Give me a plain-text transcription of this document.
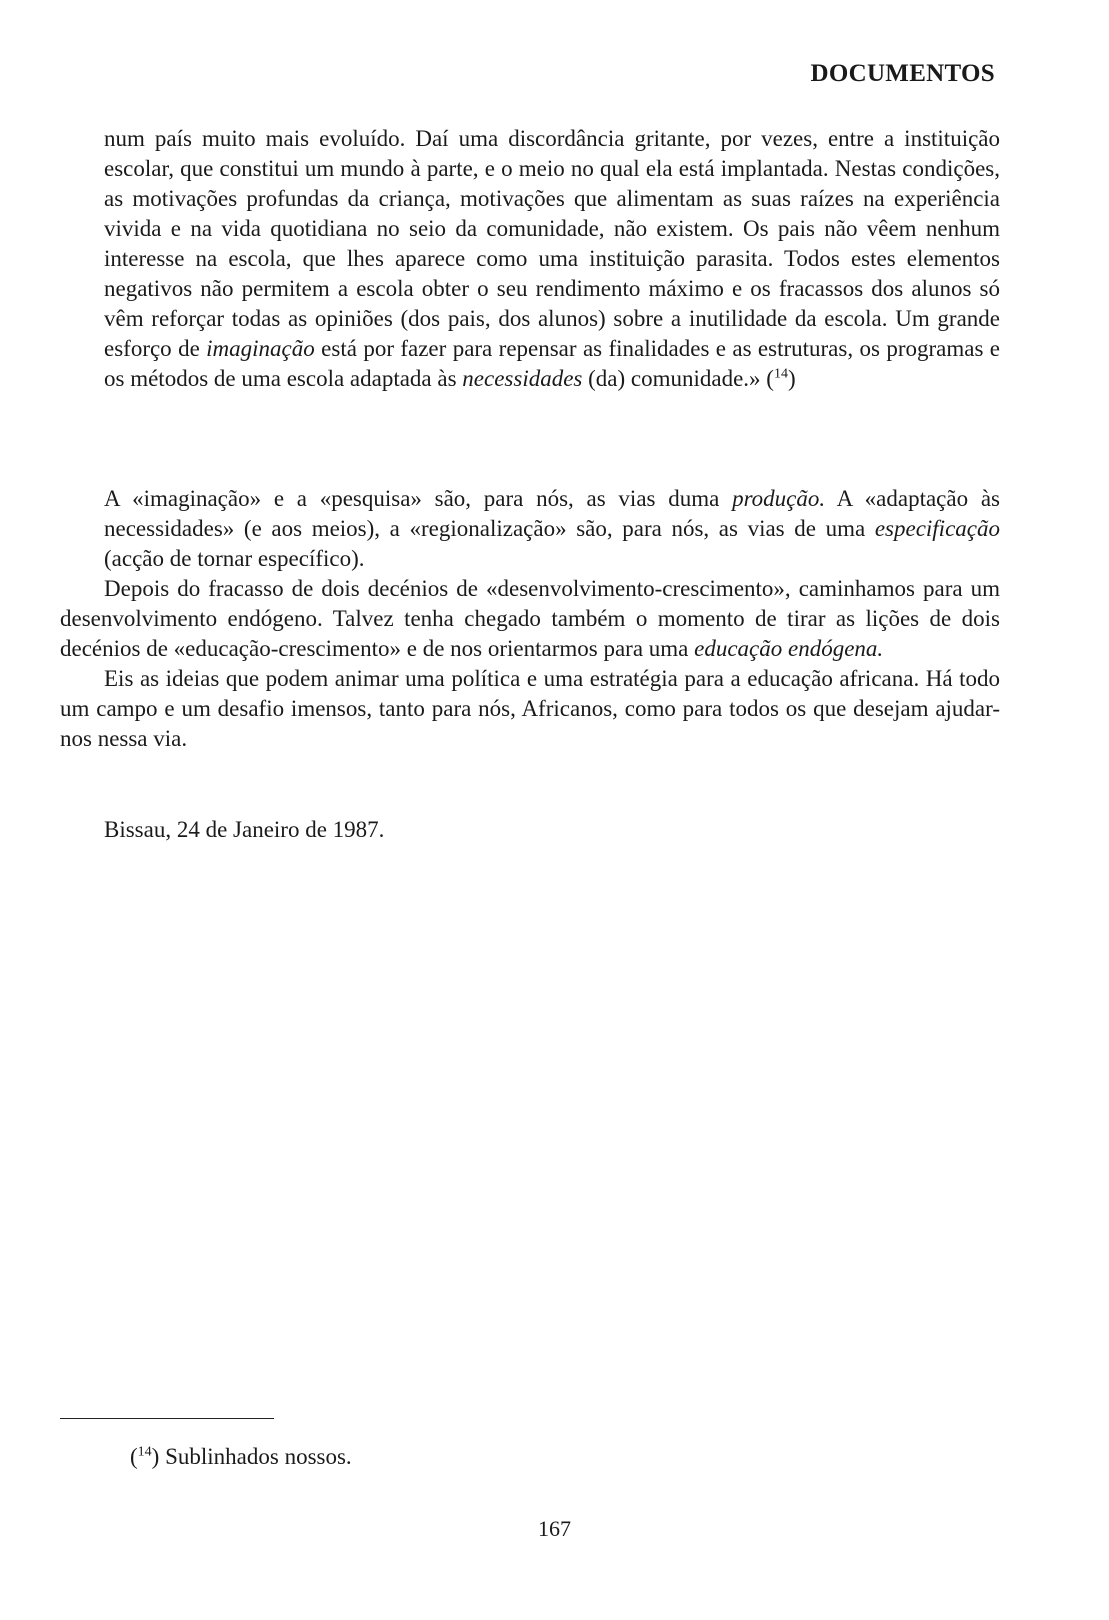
DOCUMENTOS
num país muito mais evoluído. Daí uma discordância gritante, por vezes, entre a instituição escolar, que constitui um mundo à parte, e o meio no qual ela está implantada. Nestas condições, as motivações profundas da criança, motivações que alimentam as suas raízes na experiência vivida e na vida quotidiana no seio da comunidade, não existem. Os pais não vêem nenhum interesse na escola, que lhes aparece como uma instituição parasita. Todos estes elementos negativos não permitem a escola obter o seu rendimento máximo e os fracassos dos alunos só vêm reforçar todas as opiniões (dos pais, dos alunos) sobre a inutilidade da escola. Um grande esforço de imaginação está por fazer para repensar as finalidades e as estruturas, os programas e os métodos de uma escola adaptada às necessidades (da) comunidade.» ($^{14}$)
A «imaginação» e a «pesquisa» são, para nós, as vias duma produção. A «adaptação às necessidades» (e aos meios), a «regionalização» são, para nós, as vias de uma especificação (acção de tornar específico).

Depois do fracasso de dois decénios de «desenvolvimento-crescimento», caminhamos para um desenvolvimento endógeno. Talvez tenha chegado também o momento de tirar as lições de dois decénios de «educação-crescimento» e de nos orientarmos para uma educação endógena.

Eis as ideias que podem animar uma política e uma estratégia para a educação africana. Há todo um campo e um desafio imensos, tanto para nós, Africanos, como para todos os que desejam ajudar-nos nessa via.

Bissau, 24 de Janeiro de 1987.
($^{14}$) Sublinhados nossos.
167
